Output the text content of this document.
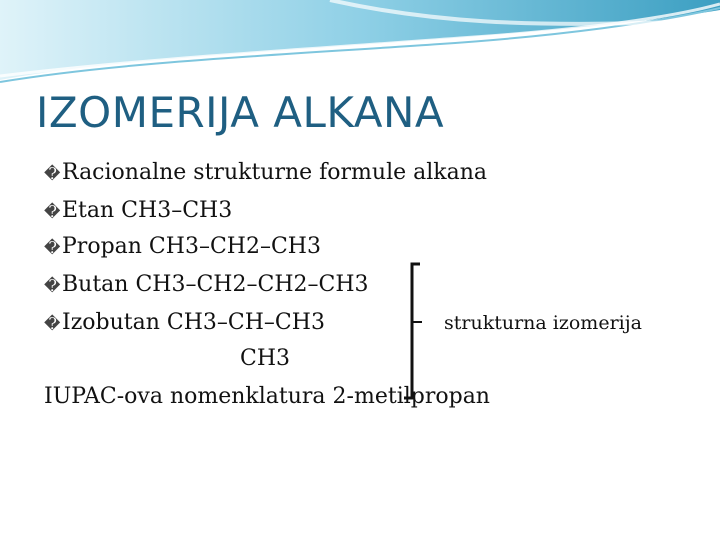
IZOMERIJA ALKANA
�Racionalne strukturne formule alkana
�Etan CH3–CH3
�Propan CH3–CH2–CH3
�Butan CH3–CH2–CH2–CH3
�Izobutan CH3–CH–CH3
CH3
IUPAC-ova nomenklatura 2-metilpropan
strukturna izomerija
